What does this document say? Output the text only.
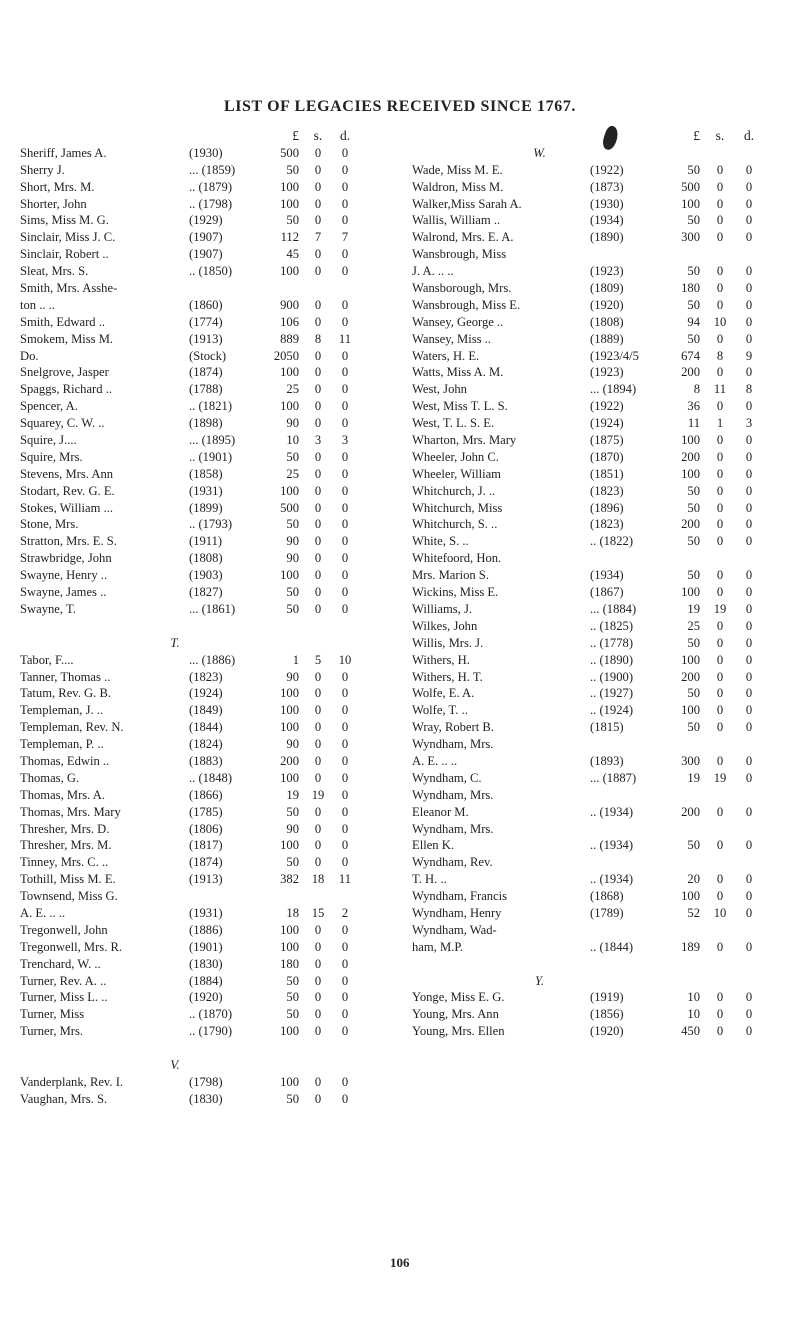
LIST OF LEGACIES RECEIVED SINCE 1767.
£	s.	d.
Sheriff, James A.	(1930)	500	0	0
Sherry J.	... (1859)	50	0	0
Short, Mrs. M.	.. (1879)	100	0	0
Shorter, John	.. (1798)	100	0	0
Sims, Miss M. G.	(1929)	50	0	0
Sinclair, Miss J. C.	(1907)	112	7	7
Sinclair, Robert ..	(1907)	45	0	0
Sleat, Mrs. S.	.. (1850)	100	0	0
Smith, Mrs. Asshe-
ton .. ..	(1860)	900	0	0
Smith, Edward ..	(1774)	106	0	0
Smokem, Miss M.	(1913)	889	8	11
Do.	(Stock)	2050	0	0
Snelgrove, Jasper	(1874)	100	0	0
Spaggs, Richard ..	(1788)	25	0	0
Spencer, A.	.. (1821)	100	0	0
Squarey, C. W. ..	(1898)	90	0	0
Squire, J....	... (1895)	10	3	3
Squire, Mrs.	.. (1901)	50	0	0
Stevens, Mrs. Ann	(1858)	25	0	0
Stodart, Rev. G. E.	(1931)	100	0	0
Stokes, William ...	(1899)	500	0	0
Stone, Mrs.	.. (1793)	50	0	0
Stratton, Mrs. E. S.	(1911)	90	0	0
Strawbridge, John	(1808)	90	0	0
Swayne, Henry ..	(1903)	100	0	0
Swayne, James ..	(1827)	50	0	0
Swayne, T.	... (1861)	50	0	0
T.
Tabor, F....	... (1886)	1	5	10
Tanner, Thomas ..	(1823)	90	0	0
Tatum, Rev. G. B.	(1924)	100	0	0
Templeman, J. ..	(1849)	100	0	0
Templeman, Rev. N.	(1844)	100	0	0
Templeman, P. ..	(1824)	90	0	0
Thomas, Edwin ..	(1883)	200	0	0
Thomas, G.	.. (1848)	100	0	0
Thomas, Mrs. A.	(1866)	19	19	0
Thomas, Mrs. Mary	(1785)	50	0	0
Thresher, Mrs. D.	(1806)	90	0	0
Thresher, Mrs. M.	(1817)	100	0	0
Tinney, Mrs. C. ..	(1874)	50	0	0
Tothill, Miss M. E.	(1913)	382	18	11
Townsend, Miss G.
A. E. .. ..	(1931)	18	15	2
Tregonwell, John	(1886)	100	0	0
Tregonwell, Mrs. R.	(1901)	100	0	0
Trenchard, W. ..	(1830)	180	0	0
Turner, Rev. A. ..	(1884)	50	0	0
Turner, Miss L. ..	(1920)	50	0	0
Turner, Miss	.. (1870)	50	0	0
Turner, Mrs.	.. (1790)	100	0	0
V.
Vanderplank, Rev. I.	(1798)	100	0	0
Vaughan, Mrs. S.	(1830)	50	0	0
£	s.	d.
W.
Wade, Miss M. E.	(1922)	50	0	0
Waldron, Miss M.	(1873)	500	0	0
Walker,Miss Sarah A.	(1930)	100	0	0
Wallis, William ..	(1934)	50	0	0
Walrond, Mrs. E. A.	(1890)	300	0	0
Wansbrough, Miss
J. A. .. ..	(1923)	50	0	0
Wansborough, Mrs.	(1809)	180	0	0
Wansbrough, Miss E.	(1920)	50	0	0
Wansey, George ..	(1808)	94	10	0
Wansey, Miss ..	(1889)	50	0	0
Waters, H. E.	(1923/4/5	674	8	9
Watts, Miss A. M.	(1923)	200	0	0
West, John	... (1894)	8	11	8
West, Miss T. L. S.	(1922)	36	0	0
West, T. L. S. E.	(1924)	11	1	3
Wharton, Mrs. Mary	(1875)	100	0	0
Wheeler, John C.	(1870)	200	0	0
Wheeler, William	(1851)	100	0	0
Whitchurch, J. ..	(1823)	50	0	0
Whitchurch, Miss	(1896)	50	0	0
Whitchurch, S. ..	(1823)	200	0	0
White, S. ..	.. (1822)	50	0	0
Whitefoord, Hon.
Mrs. Marion S.	(1934)	50	0	0
Wickins, Miss E.	(1867)	100	0	0
Williams, J.	... (1884)	19	19	0
Wilkes, John	.. (1825)	25	0	0
Willis, Mrs. J.	.. (1778)	50	0	0
Withers, H.	.. (1890)	100	0	0
Withers, H. T.	.. (1900)	200	0	0
Wolfe, E. A.	.. (1927)	50	0	0
Wolfe, T. ..	.. (1924)	100	0	0
Wray, Robert B.	(1815)	50	0	0
Wyndham, Mrs.
A. E. .. ..	(1893)	300	0	0
Wyndham, C.	... (1887)	19	19	0
Wyndham, Mrs.
Eleanor M.	.. (1934)	200	0	0
Wyndham, Mrs.
Ellen K.	.. (1934)	50	0	0
Wyndham, Rev.
T. H. ..	.. (1934)	20	0	0
Wyndham, Francis	(1868)	100	0	0
Wyndham, Henry	(1789)	52	10	0
Wyndham, Wad-
ham, M.P.	.. (1844)	189	0	0
Y.
Yonge, Miss E. G.	(1919)	10	0	0
Young, Mrs. Ann	(1856)	10	0	0
Young, Mrs. Ellen	(1920)	450	0	0
106
